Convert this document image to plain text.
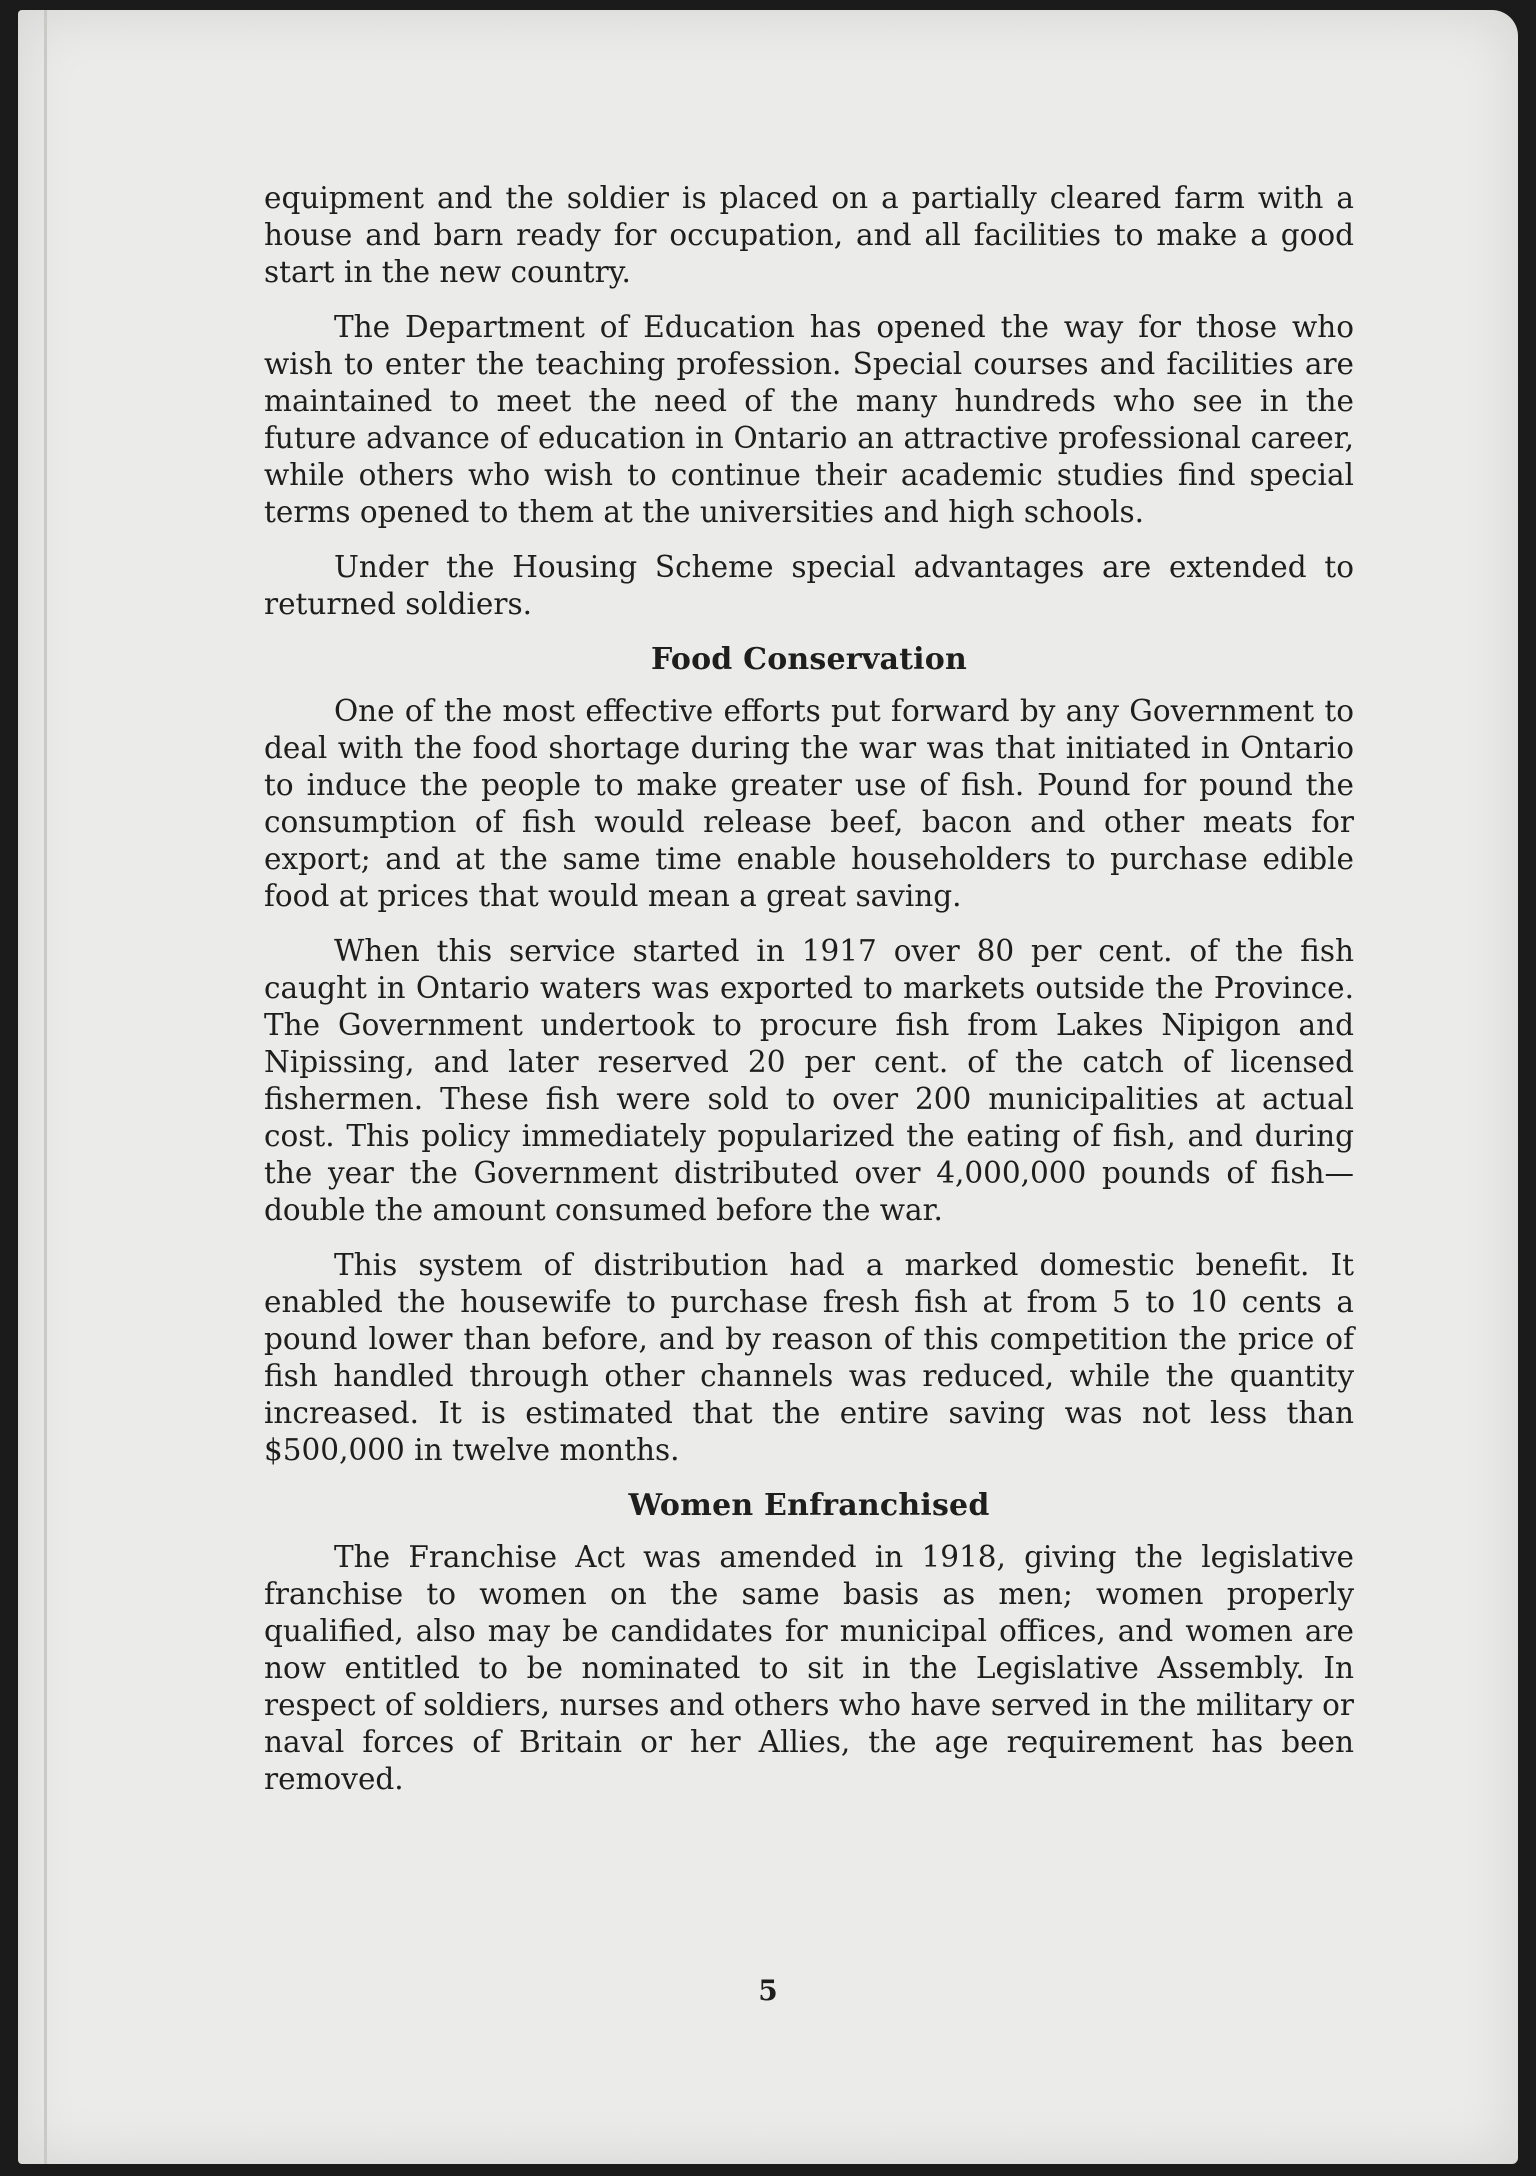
equipment and the soldier is placed on a partially cleared farm with a house and barn ready for occupation, and all facilities to make a good start in the new country.

The Department of Education has opened the way for those who wish to enter the teaching profession. Special courses and facilities are maintained to meet the need of the many hundreds who see in the future advance of education in Ontario an attractive professional career, while others who wish to continue their academic studies find special terms opened to them at the universities and high schools.

Under the Housing Scheme special advantages are extended to returned soldiers.

Food Conservation

One of the most effective efforts put forward by any Government to deal with the food shortage during the war was that initiated in Ontario to induce the people to make greater use of fish. Pound for pound the consumption of fish would release beef, bacon and other meats for export; and at the same time enable householders to purchase edible food at prices that would mean a great saving.

When this service started in 1917 over 80 per cent. of the fish caught in Ontario waters was exported to markets outside the Province. The Government undertook to procure fish from Lakes Nipigon and Nipissing, and later reserved 20 per cent. of the catch of licensed fishermen. These fish were sold to over 200 municipalities at actual cost. This policy immediately popularized the eating of fish, and during the year the Government distributed over 4,000,000 pounds of fish—double the amount consumed before the war.

This system of distribution had a marked domestic benefit. It enabled the housewife to purchase fresh fish at from 5 to 10 cents a pound lower than before, and by reason of this competition the price of fish handled through other channels was reduced, while the quantity increased. It is estimated that the entire saving was not less than $500,000 in twelve months.

Women Enfranchised

The Franchise Act was amended in 1918, giving the legislative franchise to women on the same basis as men; women properly qualified, also may be candidates for municipal offices, and women are now entitled to be nominated to sit in the Legislative Assembly. In respect of soldiers, nurses and others who have served in the military or naval forces of Britain or her Allies, the age requirement has been removed.

5
